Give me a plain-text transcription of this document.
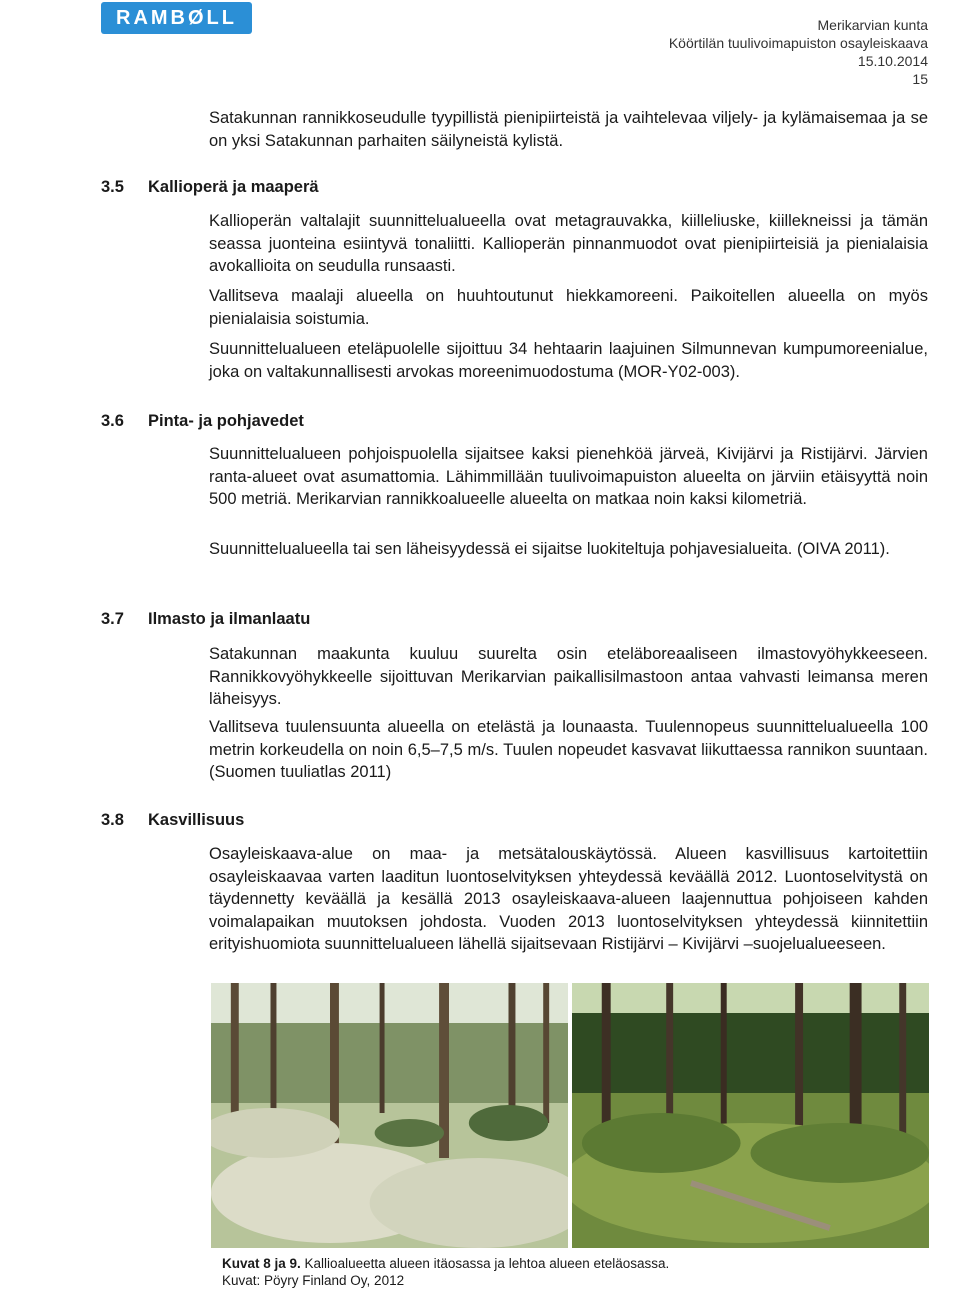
RAMBØLL	Merikarvian kunta
Köörtilän tuulivoimapuiston osayleiskaava
15.10.2014
15

Satakunnan rannikkoseudulle tyypillistä pienipiirteistä ja vaihtelevaa viljely- ja kylämaisemaa ja se on yksi Satakunnan parhaiten säilyneistä kylistä.

3.5 Kallioperä ja maaperä

Kallioperän valtalajit suunnittelualueella ovat metagrauvakka, kiilleliuske, kiillekneissi ja tämän seassa juonteina esiintyvä tonaliitti. Kallioperän pinnanmuodot ovat pienipiirteisiä ja pienialaisia avokallioita on seudulla runsaasti.

Vallitseva maalaji alueella on huuhtoutunut hiekkamoreeni. Paikoitellen alueella on myös pienialaisia soistumia.

Suunnittelualueen eteläpuolelle sijoittuu 34 hehtaarin laajuinen Silmunnevan kumpumoreenialue, joka on valtakunnallisesti arvokas moreenimuodostuma (MOR-Y02-003).

3.6 Pinta- ja pohjavedet

Suunnittelualueen pohjoispuolella sijaitsee kaksi pienehköä järveä, Kivijärvi ja Ristijärvi. Järvien ranta-alueet ovat asumattomia. Lähimmillään tuulivoimapuiston alueelta on järviin etäisyyttä noin 500 metriä. Merikarvian rannikkoalueelle alueelta on matkaa noin kaksi kilometriä.

Suunnittelualueella tai sen läheisyydessä ei sijaitse luokiteltuja pohjavesialueita. (OIVA 2011).

3.7 Ilmasto ja ilmanlaatu

Satakunnan maakunta kuuluu suurelta osin eteläboreaaliseen ilmastovyöhykkeeseen. Rannikkovyöhykkeelle sijoittuvan Merikarvian paikallisilmastoon antaa vahvasti leimansa meren läheisyys.

Vallitseva tuulensuunta alueella on etelästä ja lounaasta. Tuulennopeus suunnittelualueella 100 metrin korkeudella on noin 6,5–7,5 m/s. Tuulen nopeudet kasvavat liikuttaessa rannikon suuntaan. (Suomen tuuliatlas 2011)

3.8 Kasvillisuus

Osayleiskaava-alue on maa- ja metsätalouskäytössä. Alueen kasvillisuus kartoitettiin osayleiskaavaa varten laaditun luontoselvityksen yhteydessä keväällä 2012. Luontoselvitystä on täydennetty keväällä ja kesällä 2013 osayleiskaava-alueen laajennuttua pohjoiseen kahden voimalapaikan muutoksen johdosta. Vuoden 2013 luontoselvityksen yhteydessä kiinnitettiin erityishuomiota suunnittelualueen lähellä sijaitsevaan Ristijärvi – Kivijärvi –suojelualueeseen.

Kuvat 8 ja 9. Kallioalueetta alueen itäosassa ja lehtoa alueen eteläosassa.
Kuvat: Pöyry Finland Oy, 2012
